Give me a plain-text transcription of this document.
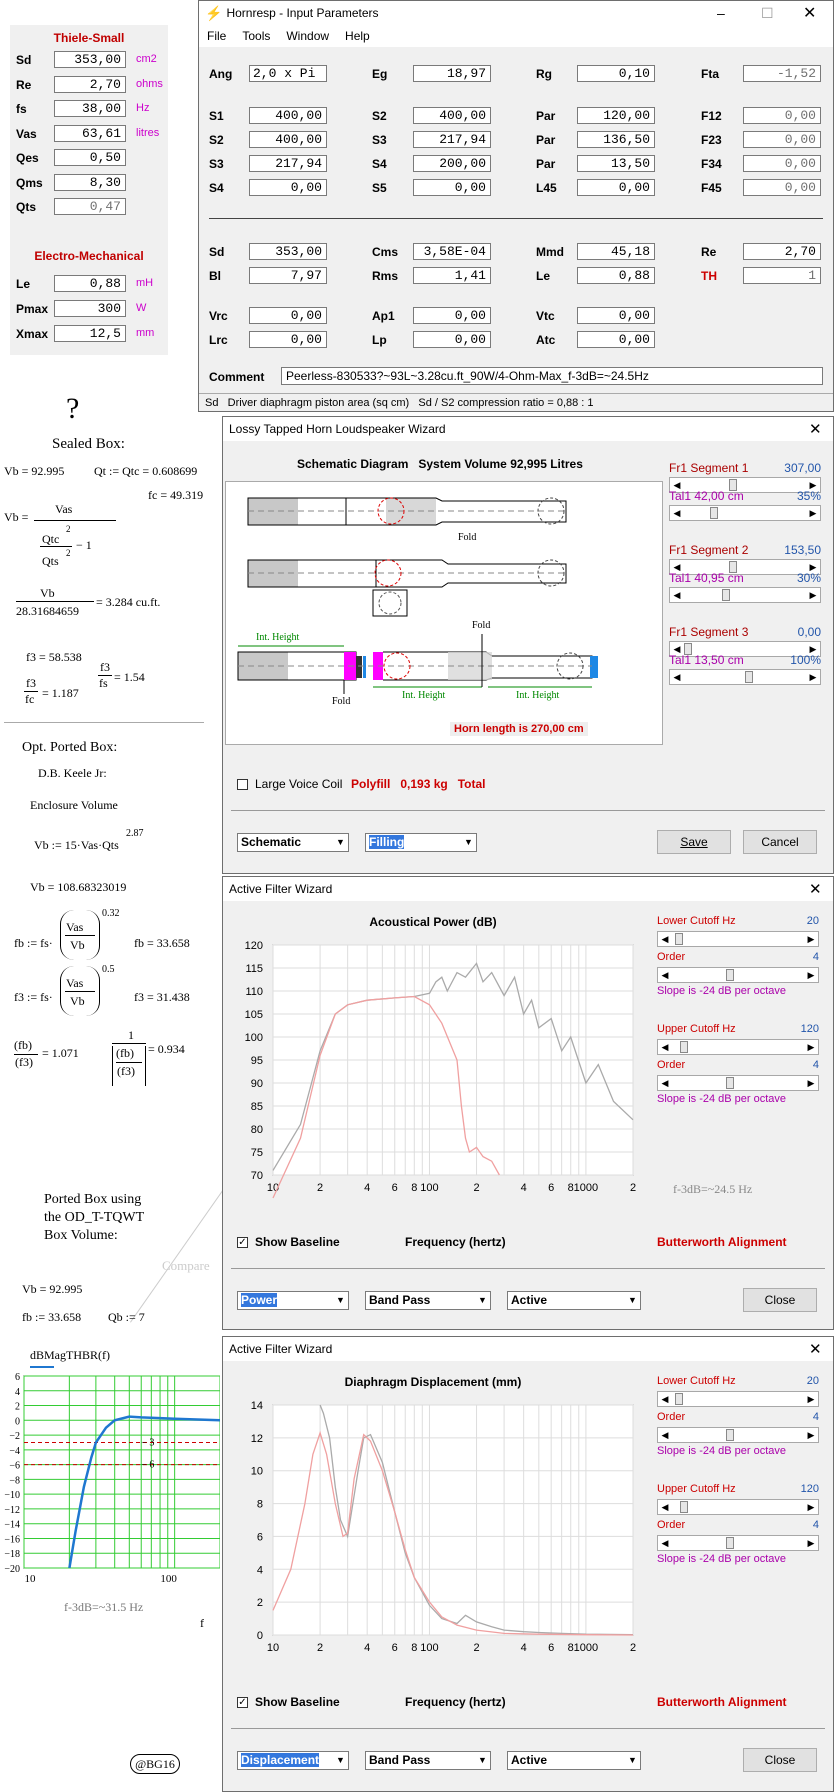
Thiele-Small
Sd	353,00	cm2
Re	2,70	ohms
fs	38,00	Hz
Vas	63,61	litres
Qes	0,50
Qms	8,30
Qts	0,47
Electro-Mechanical
Le	0,88	mH
Pmax	300	W
Xmax	12,5	mm
⚡ Hornresp - Input Parameters	–	☐ ✕
File Tools Window Help
Ang	2,0 x Pi	Eg	18,97	Rg	0,10	Fta	-1,52
S1	400,00	S2	400,00	Par	120,00	F12	0,00
S2	400,00	S3	217,94	Par	136,50	F23	0,00
S3	217,94	S4	200,00	Par	13,50	F34	0,00
S4	0,00	S5	0,00	L45	0,00	F45	0,00
Sd	353,00	Cms	3,58E-04	Mmd	45,18	Re	2,70
Bl	7,97	Rms	1,41	Le	0,88	TH	1
Vrc	0,00	Ap1	0,00	Vtc	0,00
Lrc	0,00	Lp	0,00	Atc	0,00
Comment	Peerless-830533?~93L~3.28cu.ft_90W/4-Ohm-Max_f-3dB=~24.5Hz
Sd   Driver diaphragm piston area (sq cm)   Sd / S2 compression ratio = 0,88 : 1
?
Sealed Box:
Vb = 92.995 Qt := Qtc = 0.608699
fc = 49.319
Vb =
Vas
Qtc
2
Qts
2
− 1
Vb
28.31684659
= 3.284 cu.ft.
f3 = 58.538
f3
fs = 1.54
f3
fc = 1.187
Opt. Ported Box:
D.B. Keele Jr:
Enclosure Volume
Vb := 15·Vas·Qts
2.87
Vb = 108.68323019
fb := fs·
Vas
Vb
0.32
fb = 33.658
f3 := fs·
Vas
Vb
0.5
f3 = 31.438
(fb)
(f3)
= 1.071
1
(fb)
(f3)
= 0.934
Ported Box using
the OD_T-TQWT
Box Volume:
Compare
Vb = 92.995
fb := 33.658 Qb := 7
dBMagTHBR(f)
6
4
2
0
−2
−4
−6
−8
−10
−12
−14
−16
−18
−20
10	100
− 3
− 6
f-3dB=~31.5 Hz
f
@BG16
Lossy Tapped Horn Loudspeaker Wizard	✕
Schematic Diagram   System Volume 92,995 Litres
Fold
Fold
Fold
Int. Height
Int. Height	Int. Height
Horn length is 270,00 cm
Fr1 Segment 1	307,00
◀	▶
Tal1 42,00 cm	35%
◀	▶
Fr1 Segment 2	153,50
◀	▶
Tal1 40,95 cm	30%
◀	▶
Fr1 Segment 3	0,00
◀	▶
Tal1 13,50 cm	100%
◀	▶
Large Voice Coil Polyfill   0,193 kg   Total
Schematic	▼	Filling	▼	Save	Cancel
Active Filter Wizard	✕
Acoustical Power (dB)
120
115
110
105
100
95
90
85
80
75
70
10	2	4 6 8 100	2	4 6 8 1000	2	f-3dB=~24.5 Hz
✓ Show Baseline	Frequency (hertz)	Butterworth Alignment
Power	▼	Band Pass	▼	Active	▼	Close
Lower Cutoff Hz	20
◀	▶
Order	4
◀	▶
Upper Cutoff Hz	120
◀	▶
Order	4
◀	▶
Slope is -24 dB per octave
Slope is -24 dB per octave
Active Filter Wizard	✕
Diaphragm Displacement (mm)
14
12
10
8
6
4
2
0
10	2	4 6 8 100	2	4 6 8 1000	2
✓ Show Baseline	Frequency (hertz)	Butterworth Alignment
Displacement	▼	Band Pass	▼	Active	▼	Close
Lower Cutoff Hz	20
◀	▶
Order	4
◀	▶
Upper Cutoff Hz	120
◀	▶
Order	4
◀	▶
Slope is -24 dB per octave
Slope is -24 dB per octave
